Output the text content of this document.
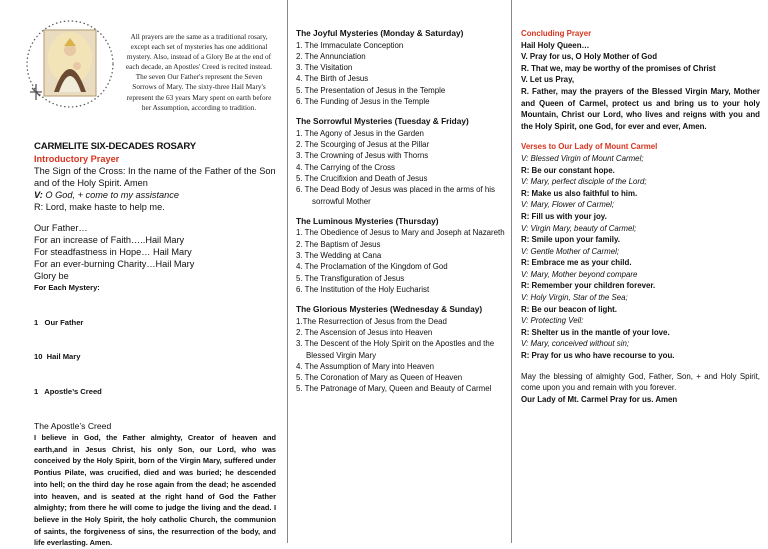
All prayers are the same as a traditional rosary, except each set of mysteries has one additional mystery. Also, instead of a Glory Be at the end of each decade, an Apostles' Creed is recited instead. The seven Our Father's represent the Seven Sorrows of Mary. The sixty-three Hail Mary's represent the 63 years Mary spent on earth before her Assumption, according to tradition.
CARMELITE SIX-DECADES ROSARY
Introductory Prayer

The Sign of the Cross: In the name of the Father of the Son and of the Holy Spirit. Amen

V: O God, + come to my assistance

R: Lord, make haste to help me.

Our Father…

For an increase of Faith…..Hail Mary

For steadfastness in Hope… Hail Mary

For an ever-burning Charity…Hail Mary

Glory be

For Each Mystery:

1   Our Father

10  Hail Mary

1   Apostle’s Creed

The Apostle’s Creed
I believe in God, the Father almighty, Creator of heaven and earth,and in Jesus Christ, his only Son, our Lord, who was conceived by the Holy Spirit, born of the Virgin Mary, suffered under Pontius Pilate, was crucified, died and was buried; he descended into hell; on the third day he rose again from the dead; he ascended into heaven, and is seated at the right hand of God the Father almighty; from there he will come to judge the living and the dead. I believe in the Holy Spirit, the holy catholic Church, the communion of saints, the forgiveness of sins, the resurrection of the body, and life everlasting. Amen.

The Joyful Mysteries (Monday & Saturday)

1. The Immaculate Conception
2. The Annunciation
3. The Visitation
4. The Birth of Jesus
5. The Presentation of Jesus in the Temple
6. The Funding of Jesus in the Temple

The Sorrowful Mysteries (Tuesday & Friday)

1. The Agony of Jesus in the Garden
2. The Scourging of Jesus at the Pillar
3. The Crowning of Jesus with Thorns
4. The Carrying of the Cross
5. The Crucifixion and Death of Jesus
6. The Dead Body of Jesus was placed in the arms of his sorrowful Mother

The Luminous Mysteries (Thursday)

1. The Obedience of Jesus to Mary and Joseph at Nazareth
2. The Baptism of Jesus
3. The Wedding at Cana
4. The Proclamation of the Kingdom of God
5. The Transfiguration of Jesus
6. The Institution of the Holy Eucharist

The Glorious Mysteries (Wednesday & Sunday)

1.The Resurrection of Jesus from the Dead
2. The Ascension of Jesus into Heaven
3. The Descent of the Holy Spirit on the Apostles and the Blessed Virgin Mary
4. The Assumption of Mary into Heaven
5. The Coronation of Mary as Queen of Heaven
5. The Patronage of Mary, Queen and Beauty of Carmel
Concluding Prayer
Hail Holy Queen…
V. Pray for us, O Holy Mother of God
R. That we, may be worthy of the promises of Christ
V. Let us Pray,
R. Father, may the prayers of the Blessed Virgin Mary, Mother and Queen of Carmel, protect us and bring us to your holy Mountain, Christ our Lord, who lives and reigns with you and the Holy Spirit, one God, for ever and ever, Amen.
Verses to Our Lady of Mount Carmel
V: Blessed Virgin of Mount Carmel;
R: Be our constant hope.
V: Mary, perfect disciple of the Lord;
R: Make us also faithful to him.
V: Mary, Flower of Carmel;
R: Fill us with your joy.
V: Virgin Mary, beauty of Carmel;
R: Smile upon your family.
V: Gentle Mother of Carmel;
R: Embrace me as your child.
V: Mary, Mother beyond compare
R: Remember your children forever.
V: Holy Virgin, Star of the Sea;
R: Be our beacon of light.
V: Protecting Veil:
R: Shelter us in the mantle of your love.
V: Mary, conceived without sin;
R: Pray for us who have recourse to you.
May the blessing of almighty God, Father, Son, + and Holy Spirit, come upon you and remain with you forever.
Our Lady of Mt. Carmel Pray for us. Amen
